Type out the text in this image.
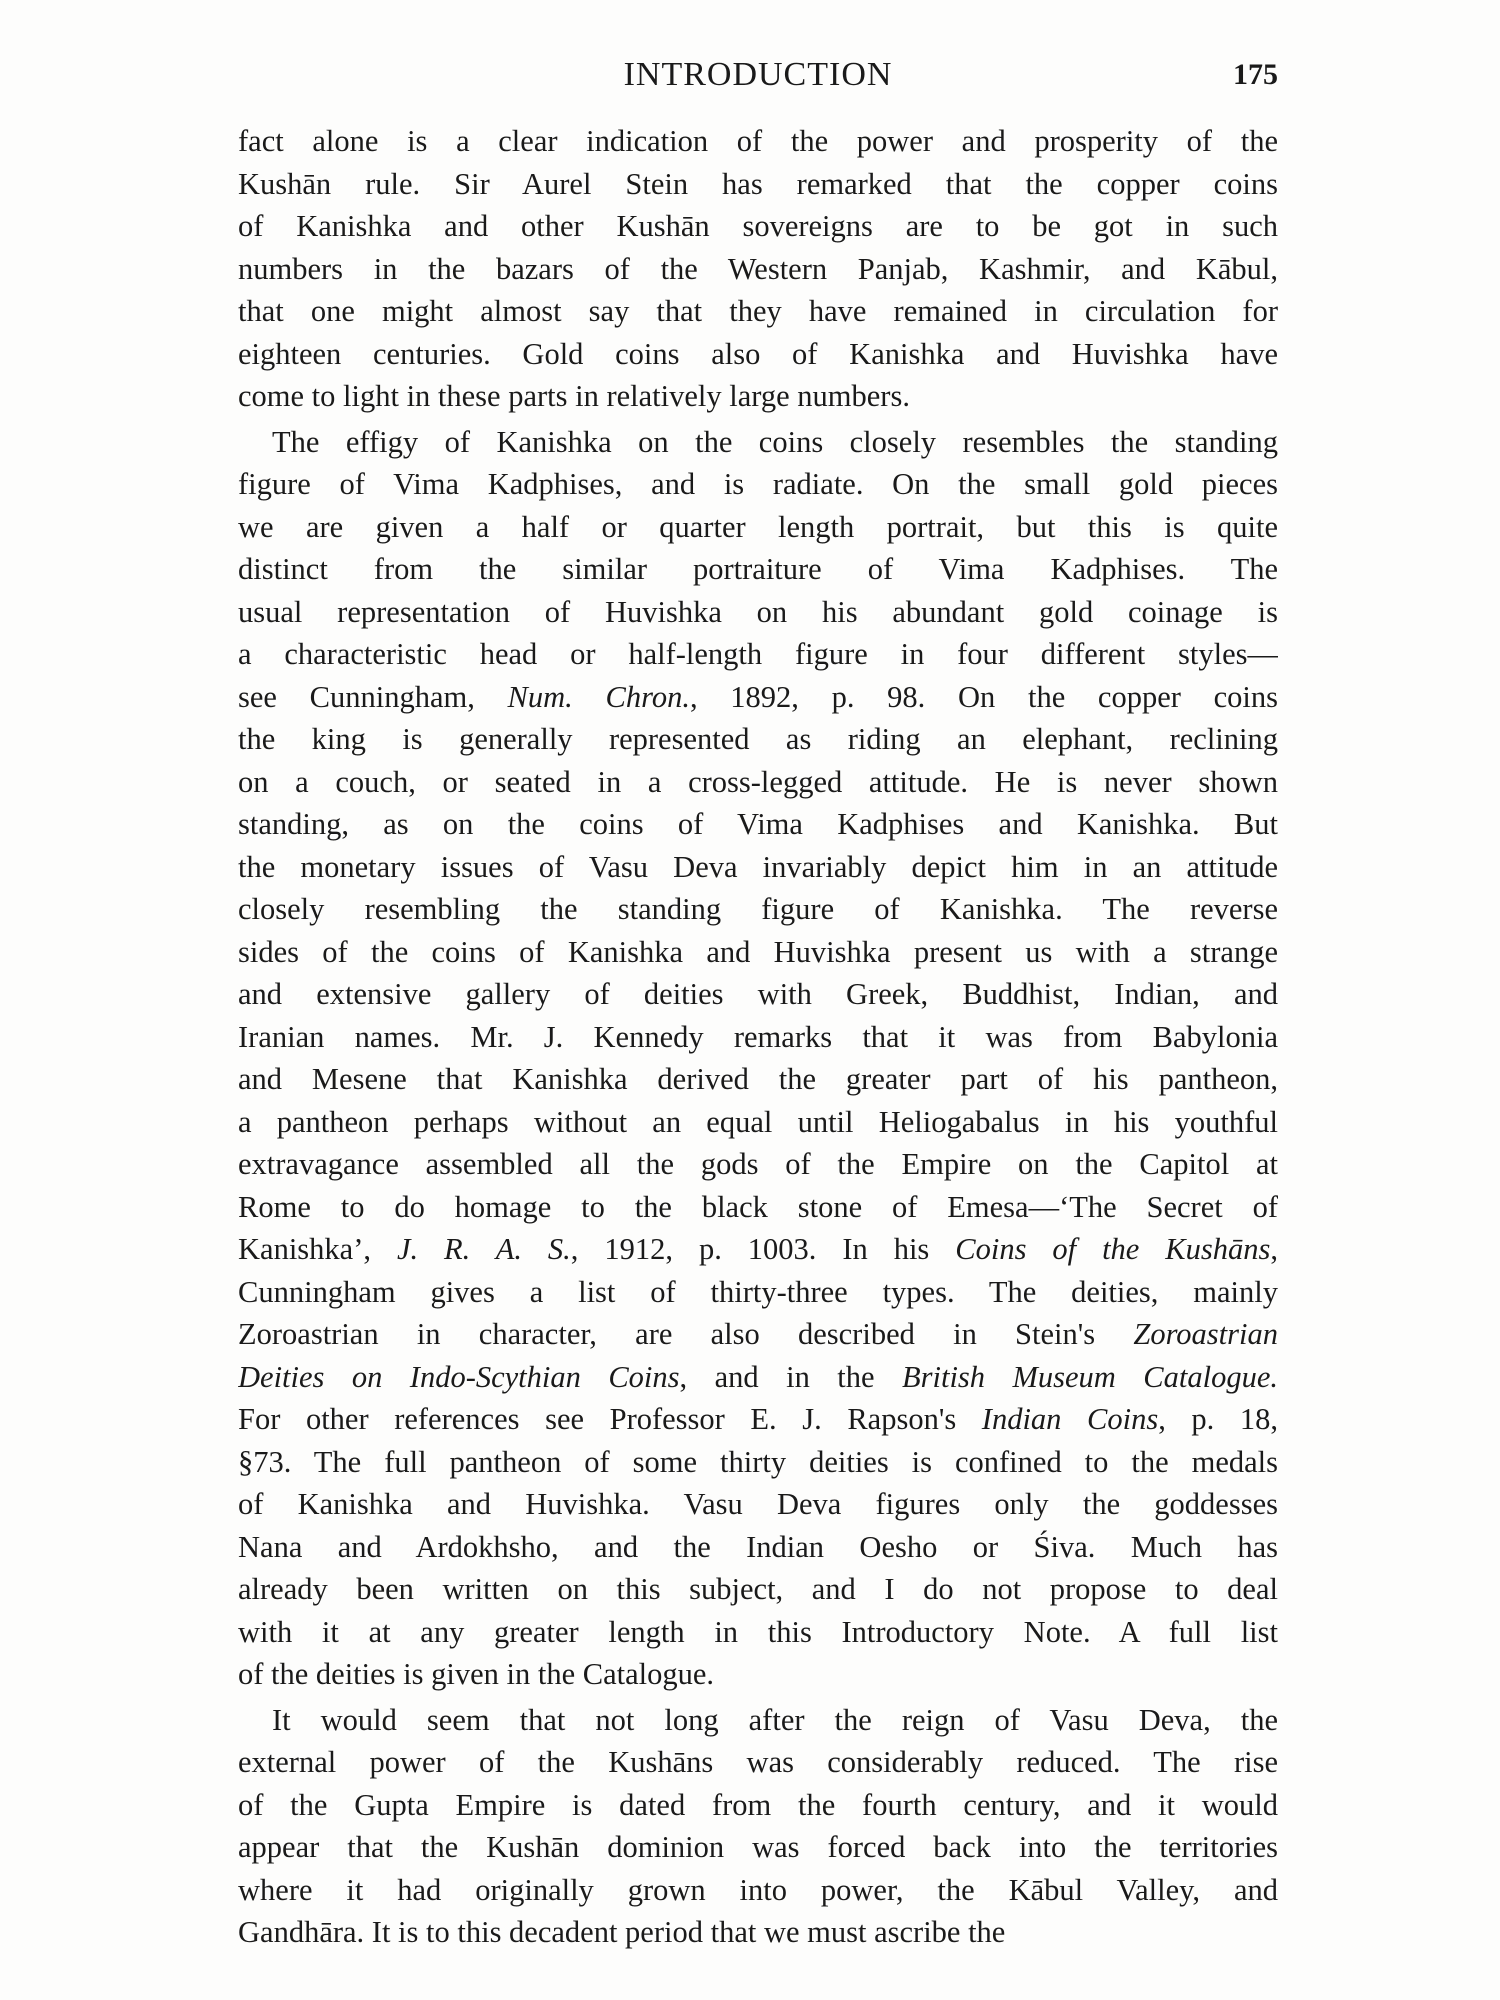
INTRODUCTION	175
fact alone is a clear indication of the power and prosperity of the
Kushān rule. Sir Aurel Stein has remarked that the copper coins
of Kanishka and other Kushān sovereigns are to be got in such
numbers in the bazars of the Western Panjab, Kashmir, and Kābul,
that one might almost say that they have remained in circulation for
eighteen centuries. Gold coins also of Kanishka and Huvishka have
come to light in these parts in relatively large numbers.
The effigy of Kanishka on the coins closely resembles the standing
figure of Vima Kadphises, and is radiate. On the small gold pieces
we are given a half or quarter length portrait, but this is quite
distinct from the similar portraiture of Vima Kadphises. The
usual representation of Huvishka on his abundant gold coinage is
a characteristic head or half-length figure in four different styles—
see Cunningham, Num. Chron., 1892, p. 98. On the copper coins
the king is generally represented as riding an elephant, reclining
on a couch, or seated in a cross-legged attitude. He is never shown
standing, as on the coins of Vima Kadphises and Kanishka. But
the monetary issues of Vasu Deva invariably depict him in an attitude
closely resembling the standing figure of Kanishka. The reverse
sides of the coins of Kanishka and Huvishka present us with a strange
and extensive gallery of deities with Greek, Buddhist, Indian, and
Iranian names. Mr. J. Kennedy remarks that it was from Babylonia
and Mesene that Kanishka derived the greater part of his pantheon,
a pantheon perhaps without an equal until Heliogabalus in his youthful
extravagance assembled all the gods of the Empire on the Capitol at
Rome to do homage to the black stone of Emesa—‘The Secret of
Kanishka’, J. R. A. S., 1912, p. 1003. In his Coins of the Kushāns,
Cunningham gives a list of thirty-three types. The deities, mainly
Zoroastrian in character, are also described in Stein's Zoroastrian
Deities on Indo-Scythian Coins, and in the British Museum Catalogue.
For other references see Professor E. J. Rapson's Indian Coins, p. 18,
§73. The full pantheon of some thirty deities is confined to the medals
of Kanishka and Huvishka. Vasu Deva figures only the goddesses
Nana and Ardokhsho, and the Indian Oesho or Śiva. Much has
already been written on this subject, and I do not propose to deal
with it at any greater length in this Introductory Note. A full list
of the deities is given in the Catalogue.
It would seem that not long after the reign of Vasu Deva, the
external power of the Kushāns was considerably reduced. The rise
of the Gupta Empire is dated from the fourth century, and it would
appear that the Kushān dominion was forced back into the territories
where it had originally grown into power, the Kābul Valley, and
Gandhāra. It is to this decadent period that we must ascribe the
